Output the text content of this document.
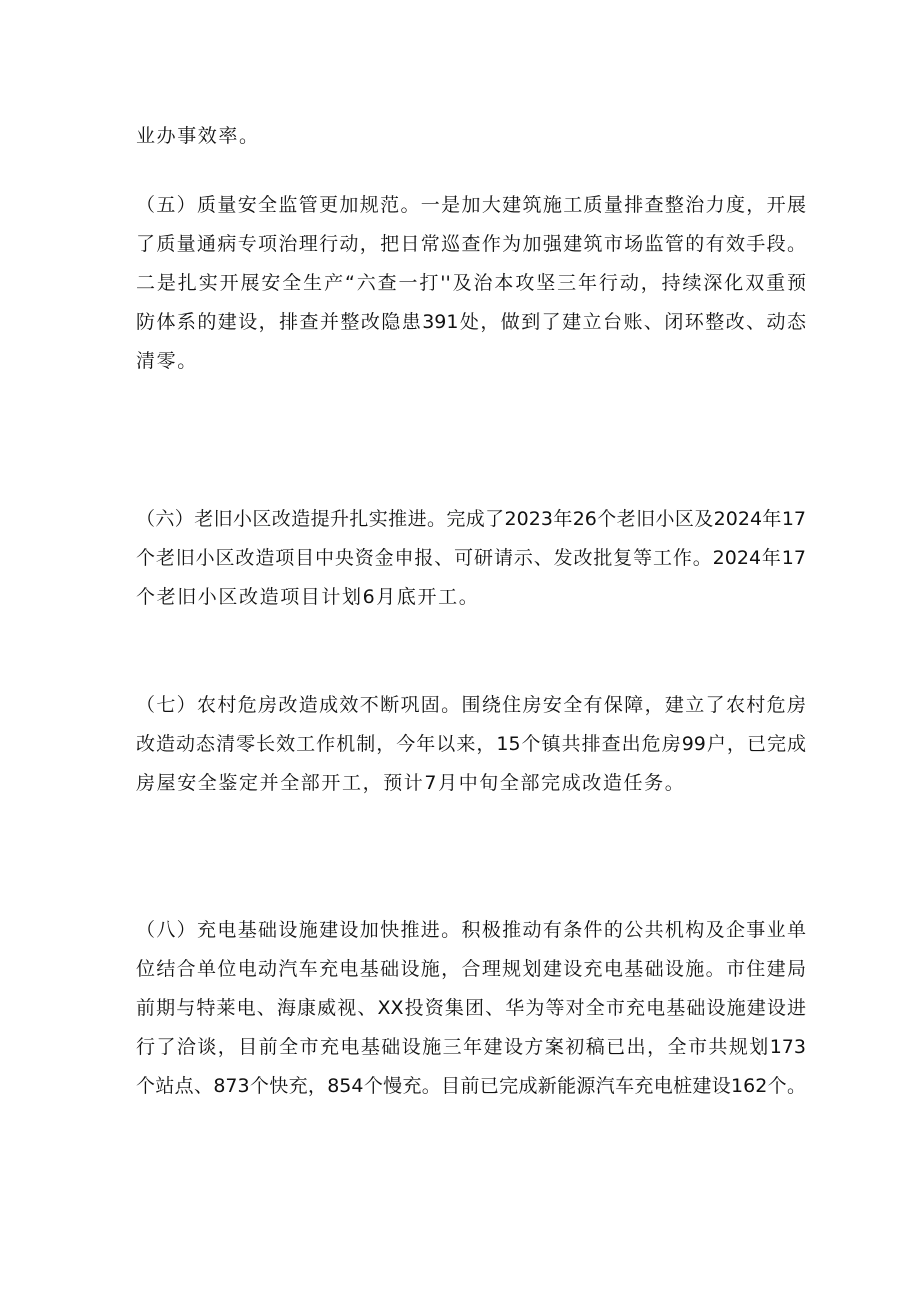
业办事效率。
（五）质量安全监管更加规范。一是加大建筑施工质量排查整治力度，开展
了质量通病专项治理行动，把日常巡查作为加强建筑市场监管的有效手段。
二是扎实开展安全生产“六查一打''及治本攻坚三年行动，持续深化双重预
防体系的建设，排查并整改隐患391处，做到了建立台账、闭环整改、动态
清零。
（六）老旧小区改造提升扎实推进。完成了2023年26个老旧小区及2024年17
个老旧小区改造项目中央资金申报、可研请示、发改批复等工作。2024年17
个老旧小区改造项目计划6月底开工。
（七）农村危房改造成效不断巩固。围绕住房安全有保障，建立了农村危房
改造动态清零长效工作机制，今年以来，15个镇共排查出危房99户，已完成
房屋安全鉴定并全部开工，预计7月中旬全部完成改造任务。
（八）充电基础设施建设加快推进。积极推动有条件的公共机构及企事业单
位结合单位电动汽车充电基础设施，合理规划建设充电基础设施。市住建局
前期与特莱电、海康威视、XX投资集团、华为等对全市充电基础设施建设进
行了洽谈，目前全市充电基础设施三年建设方案初稿已出，全市共规划173
个站点、873个快充，854个慢充。目前已完成新能源汽车充电桩建设162个。
